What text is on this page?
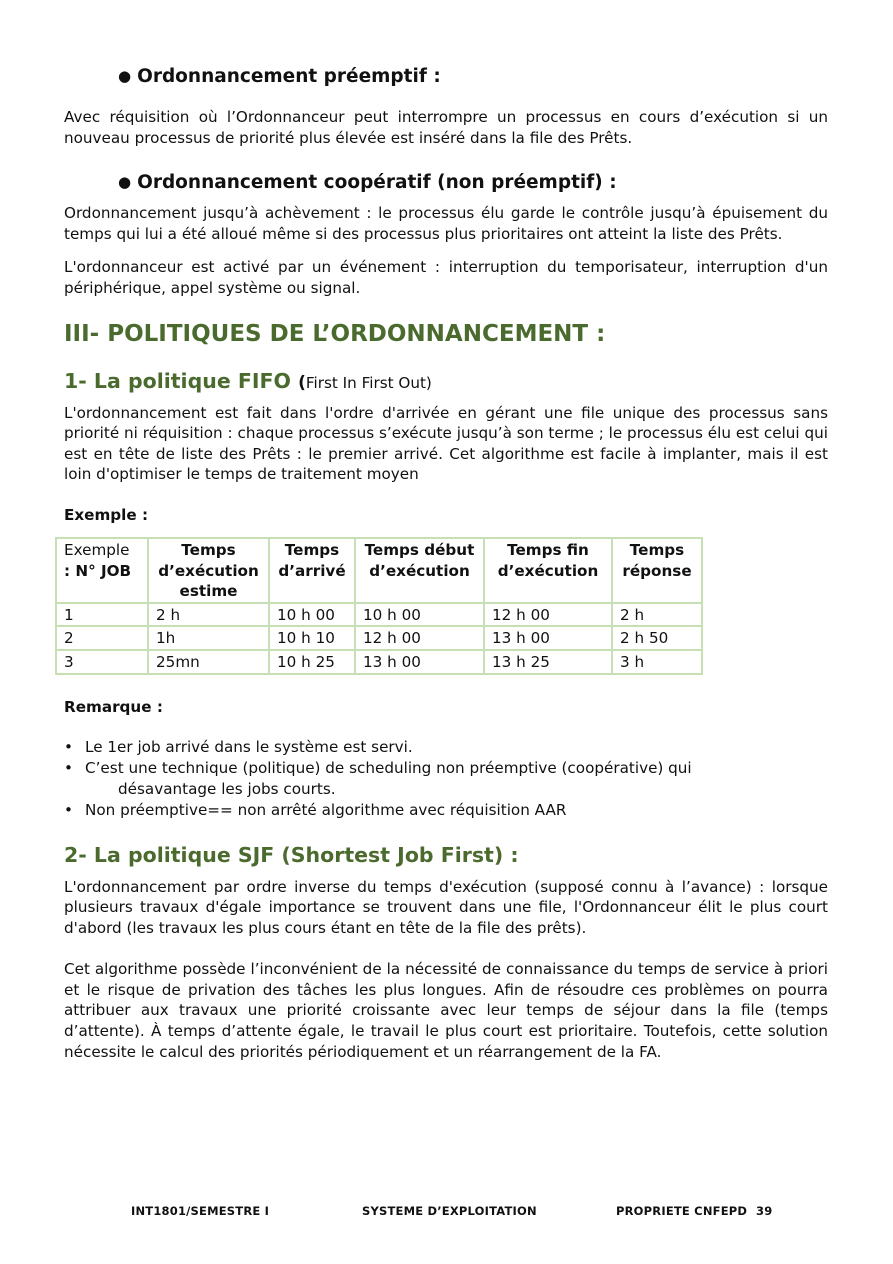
● Ordonnancement préemptif :

Avec réquisition où l’Ordonnanceur peut interrompre un processus en cours d’exécution si un nouveau processus de priorité plus élevée est inséré dans la file des Prêts.

● Ordonnancement coopératif (non préemptif) :

Ordonnancement jusqu’à achèvement : le processus élu garde le contrôle jusqu’à épuisement du temps qui lui a été alloué même si des processus plus prioritaires ont atteint la liste des Prêts.

L'ordonnanceur est activé par un événement : interruption du temporisateur, interruption d'un périphérique, appel système ou signal.

III- POLITIQUES DE L’ORDONNANCEMENT :
1- La politique FIFO (First In First Out)

L'ordonnancement est fait dans l'ordre d'arrivée en gérant une file unique des processus sans priorité ni réquisition : chaque processus s’exécute jusqu’à son terme ; le processus élu est celui qui est en tête de liste des Prêts : le premier arrivé. Cet algorithme est facile à implanter, mais il est loin d'optimiser le temps de traitement moyen

Exemple :
Exemple
: N° JOB	Temps d’exécution estime	Temps d’arrivé	Temps début d’exécution	Temps fin d’exécution	Temps réponse
1	2 h	10 h 00	10 h 00	12 h 00	2 h
2	1h	10 h 10	12 h 00	13 h 00	2 h 50
3	25mn	10 h 25	13 h 00	13 h 25	3 h
Remarque :
• Le 1er job arrivé dans le système est servi.
• C’est une technique (politique) de scheduling non préemptive (coopérative) qui
désavantage les jobs courts.
• Non préemptive== non arrêté algorithme avec réquisition AAR
2- La politique SJF (Shortest Job First) :

L'ordonnancement par ordre inverse du temps d'exécution (supposé connu à l’avance) : lorsque plusieurs travaux d'égale importance se trouvent dans une file, l'Ordonnanceur élit le plus court d'abord (les travaux les plus cours étant en tête de la file des prêts).

Cet algorithme possède l’inconvénient de la nécessité de connaissance du temps de service à priori et le risque de privation des tâches les plus longues. Afin de résoudre ces problèmes on pourra attribuer aux travaux une priorité croissante avec leur temps de séjour dans la file (temps d’attente). À temps d’attente égale, le travail le plus court est prioritaire. Toutefois, cette solution nécessite le calcul des priorités périodiquement et un réarrangement de la FA.

INT1801/SEMESTRE I	SYSTEME D’EXPLOITATION	PROPRIETE CNFEPD 39
